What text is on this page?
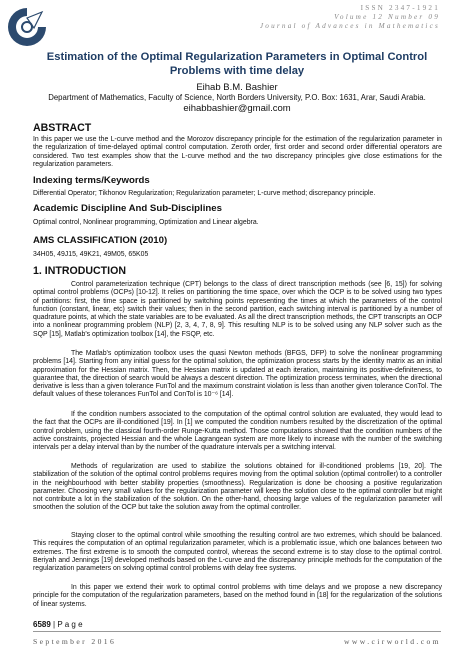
ISSN 2347-1921
Volume 12 Number 09
Journal of Advances in Mathematics
Estimation of the Optimal Regularization Parameters in Optimal Control Problems with time delay
Eihab B.M. Bashier
Department of Mathematics, Faculty of Science, North Borders University, P.O. Box: 1631, Arar, Saudi Arabia.
eihabbashier@gmail.com
ABSTRACT

In this paper we use the L-curve method and the Morozov discrepancy principle for the estimation of the regularization parameter in the regularization of time-delayed optimal control computation. Zeroth order, first order and second order differential operators are considered. Two test examples show that the L-curve method and the two discrepancy principles give close estimations for the regularization parameters.

Indexing terms/Keywords

Differential Operator; Tikhonov Regularization; Regularization parameter; L-curve method; discrepancy principle.

Academic Discipline And Sub-Disciplines

Optimal control, Nonlinear programming, Optimization and Linear algebra.

AMS CLASSIFICATION (2010)

34H05, 49J15, 49K21, 49M05, 65K05

1. INTRODUCTION

Control parameterization technique (CPT) belongs to the class of direct transcription methods (see [6, 15]) for solving optimal control problems (OCPs) [10-12]. It relies on partitioning the time space, over which the OCP is to be solved using two types of partitions: first, the time space is partitioned by switching points representing the times at which the parameters of the control function (constant, linear, etc) switch their values; then in the second partition, each switching interval is partitioned by a number of quadrature points, at which the state variables are to be evaluated. As all the direct transcription methods, the CPT transcripts an OCP into a nonlinear programming problem (NLP) [2, 3, 4, 7, 8, 9]. This resulting NLP is to be solved using any NLP solver such as the SQP [15], Matlab's optimization toolbox [14], the FSQP, etc.

The Matlab's optimization toolbox uses the quasi Newton methods (BFGS, DFP) to solve the nonlinear programming problems [14]. Starting from any initial guess for the optimal solution, the optimization process starts by the identity matrix as an initial approximation for the Hessian matrix. Then, the Hessian matrix is updated at each iteration, maintaining its positive-definiteness, to guarantee that, the direction of search would be always a descent direction. The optimization process terminates, when the directional derivative is less than a given tolerance FunTol and the maximum constraint violation is less than another given tolerance ConTol. The default values of these tolerances FunTol and ConTol is 10⁻⁶ [14].

If the condition numbers associated to the computation of the optimal control solution are evaluated, they would lead to the fact that the OCPs are ill-conditioned [19]. In [1] we computed the condition numbers resulted by the discretization of the optimal control problem, using the classical fourth-order Runge-Kutta method. Those computations showed that the condition numbers of the active constraints, projected Hessian and the whole Lagrangean system are more likely to increase with the number of the switching intervals per a delay interval than by the number of the quadrature intervals per a switching interval.

Methods of regularization are used to stabilize the solutions obtained for ill-conditioned problems [19, 20]. The stabilization of the solution of the optimal control problems requires moving from the optimal solution (optimal controller) to a controller in the neighbourhood with better stability properties (smoothness). Regularization is done be choosing a positive regularization parameter. Choosing very small values for the regularization parameter will keep the solution close to the optimal controller but might not contribute a lot in the stabilization of the solution. On the other-hand, choosing large values of the regularization parameter will smoothen the solution of the OCP but take the solution away from the optimal controller.

Staying closer to the optimal control while smoothing the resulting control are two extremes, which should be balanced. This requires the computation of an optimal regularization parameter, which is a problematic issue, which one balances between two extremes. The first extreme is to smooth the computed control, whereas the second extreme is to stay close to the optimal control. Beriyah and Jennings [19] developed methods based on the L-curve and the discrepancy principle methods for the computation of the regularization parameters on solving optimal control problems with delay free systems.

In this paper we extend their work to optimal control problems with time delays and we propose a new discrepancy principle for the computation of the regularization parameters, based on the method found in [18] for the regularization of the solutions of linear systems.

6589 | P a g e
September 2016	www.cirworld.com
